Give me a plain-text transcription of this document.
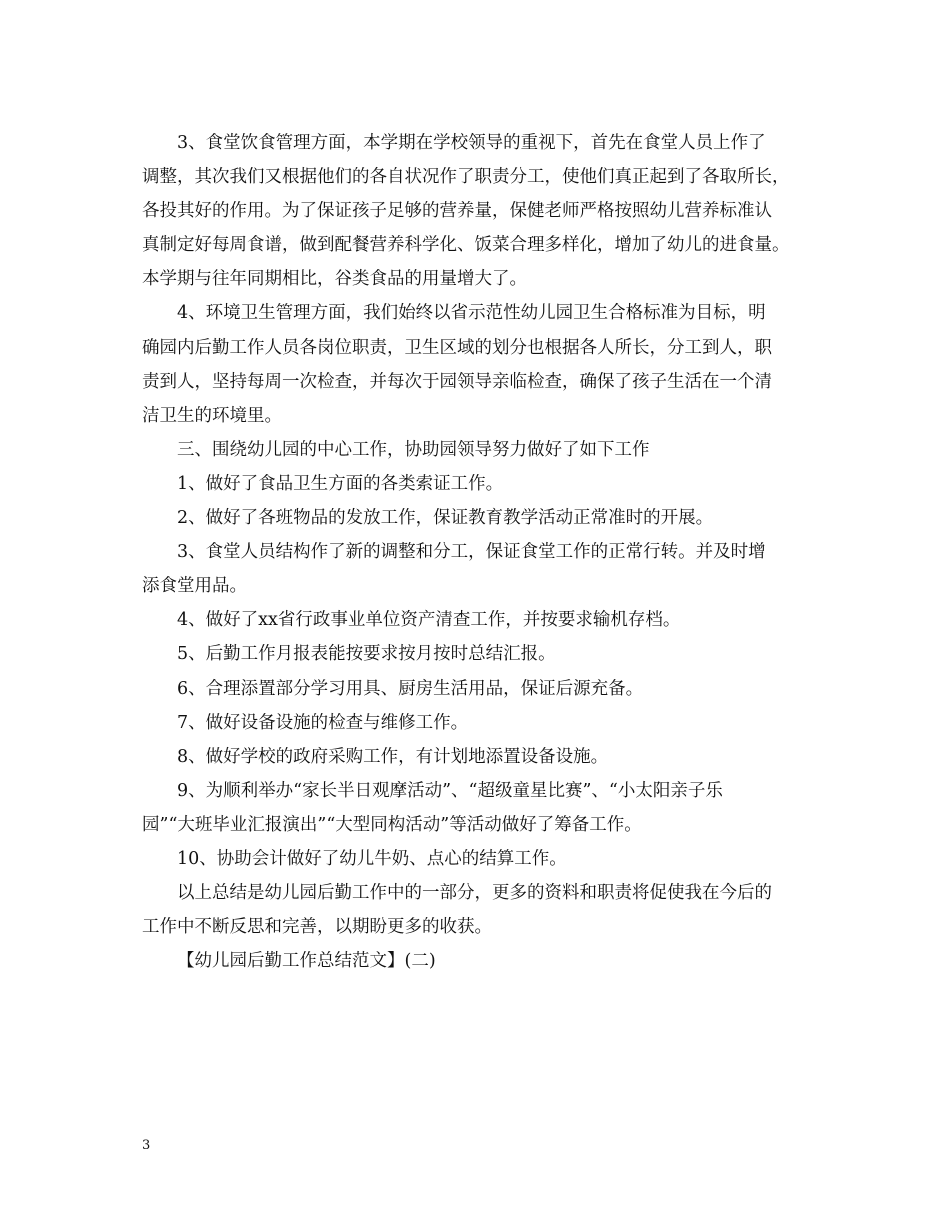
3、食堂饮食管理方面，本学期在学校领导的重视下，首先在食堂人员上作了
调整，其次我们又根据他们的各自状况作了职责分工，使他们真正起到了各取所长，
各投其好的作用。为了保证孩子足够的营养量，保健老师严格按照幼儿营养标准认
真制定好每周食谱，做到配餐营养科学化、饭菜合理多样化，增加了幼儿的进食量。
本学期与往年同期相比，谷类食品的用量增大了。
4、环境卫生管理方面，我们始终以省示范性幼儿园卫生合格标准为目标，明
确园内后勤工作人员各岗位职责，卫生区域的划分也根据各人所长，分工到人，职
责到人，坚持每周一次检查，并每次于园领导亲临检查，确保了孩子生活在一个清
洁卫生的环境里。
三、围绕幼儿园的中心工作，协助园领导努力做好了如下工作
1、做好了食品卫生方面的各类索证工作。
2、做好了各班物品的发放工作，保证教育教学活动正常准时的开展。
3、食堂人员结构作了新的调整和分工，保证食堂工作的正常行转。并及时增
添食堂用品。
4、做好了xx省行政事业单位资产清查工作，并按要求输机存档。
5、后勤工作月报表能按要求按月按时总结汇报。
6、合理添置部分学习用具、厨房生活用品，保证后源充备。
7、做好设备设施的检查与维修工作。
8、做好学校的政府采购工作，有计划地添置设备设施。
9、为顺利举办“家长半日观摩活动”、“超级童星比赛”、“小太阳亲子乐
园”“大班毕业汇报演出”“大型同构活动”等活动做好了筹备工作。
10、协助会计做好了幼儿牛奶、点心的结算工作。
以上总结是幼儿园后勤工作中的一部分，更多的资料和职责将促使我在今后的
工作中不断反思和完善，以期盼更多的收获。
【幼儿园后勤工作总结范文】(二)
3
